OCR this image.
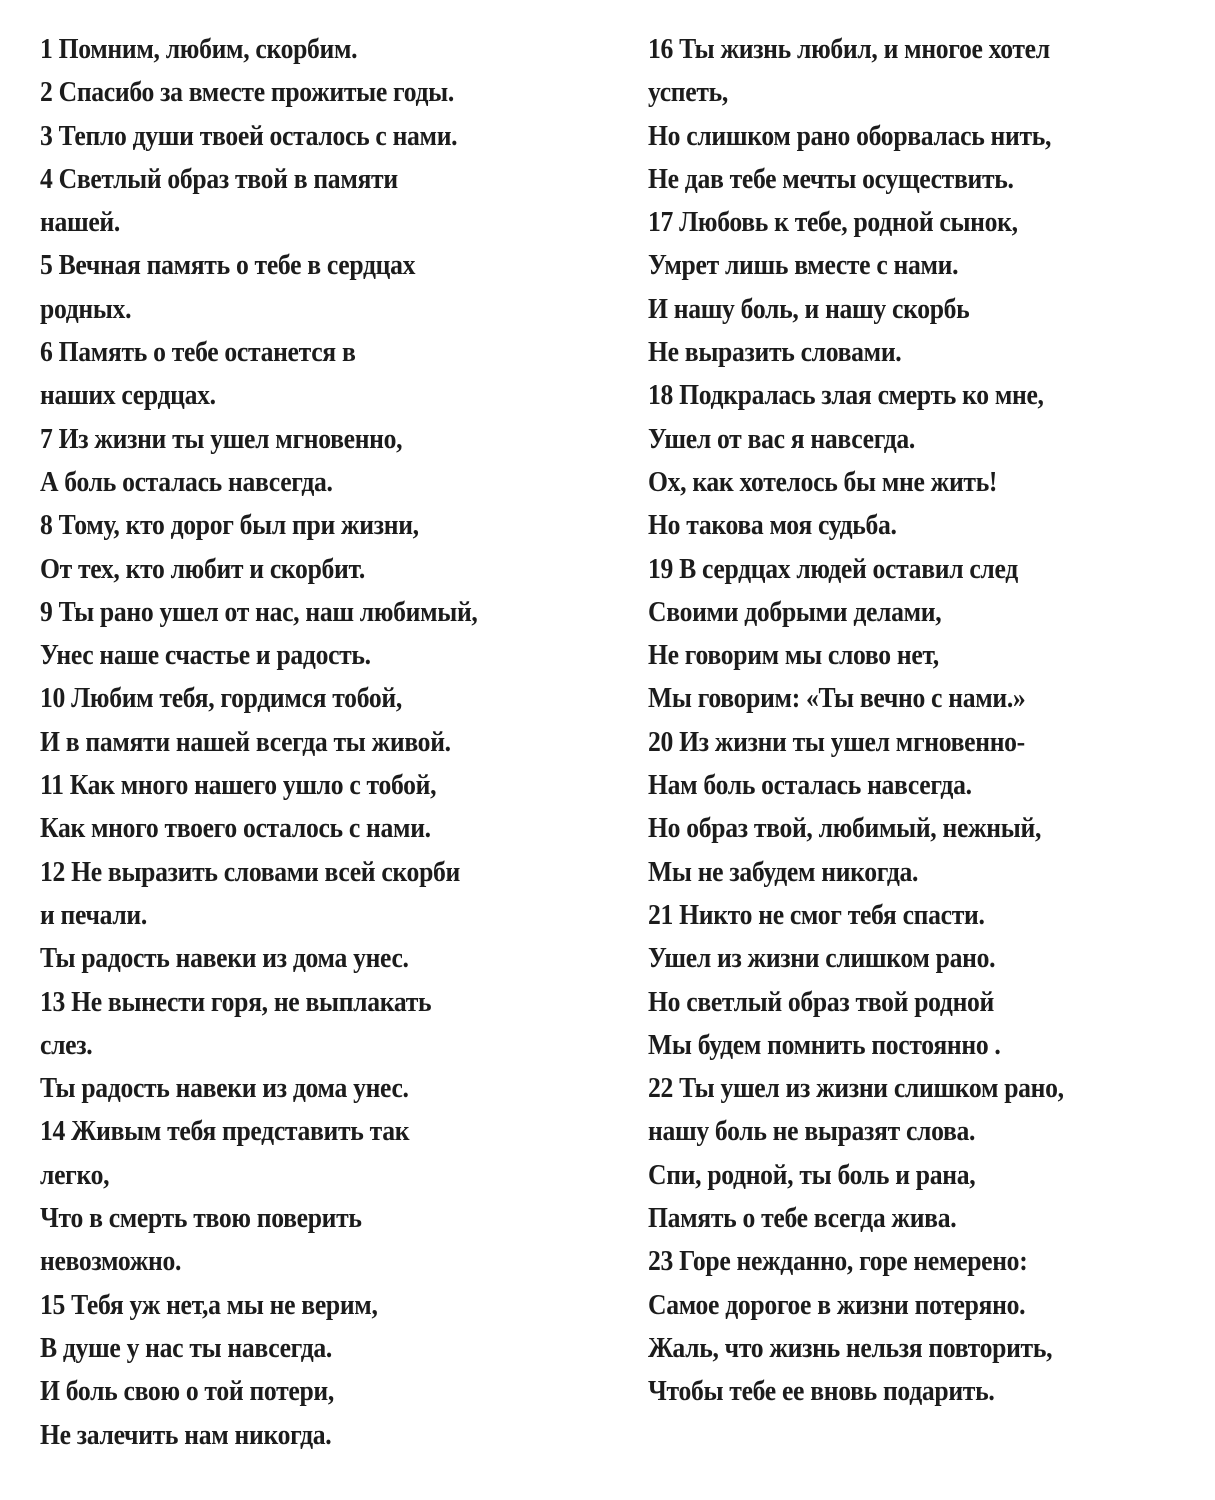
1 Помним, любим, скорбим.
2 Спасибо за вместе прожитые годы.
3 Тепло души твоей осталось с нами.
4 Светлый образ твой в памяти
нашей.
5 Вечная память о тебе в сердцах
родных.
6 Память о тебе останется в
наших сердцах.
7 Из жизни ты ушел мгновенно,
А боль осталась навсегда.
8 Тому, кто дорог был при жизни,
От тех, кто любит и скорбит.
9 Ты рано ушел от нас, наш любимый,
Унес наше счастье и радость.
10 Любим тебя, гордимся тобой,
И в памяти нашей всегда ты живой.
11 Как много нашего ушло с тобой,
Как много твоего осталось с нами.
12 Не выразить словами всей скорби
и печали.
Ты радость навеки из дома унес.
13 Не вынести горя, не выплакать
слез.
Ты радость навеки из дома унес.
14 Живым тебя представить так
легко,
Что в смерть твою поверить
невозможно.
15 Тебя уж нет,а мы не верим,
В душе у нас ты навсегда.
И боль свою о той потери,
Не залечить нам никогда.
16 Ты жизнь любил, и многое хотел
успеть,
Но слишком рано оборвалась нить,
Не дав тебе мечты осуществить.
17 Любовь к тебе, родной сынок,
Умрет лишь вместе с нами.
И нашу боль, и нашу скорбь
Не выразить словами.
18 Подкралась злая смерть ко мне,
Ушел от вас я навсегда.
Ох, как хотелось бы мне жить!
Но такова моя судьба.
19 В сердцах людей оставил след
Своими добрыми делами,
Не говорим мы слово нет,
Мы говорим: «Ты вечно с нами.»
20 Из жизни ты ушел мгновенно-
Нам боль осталась навсегда.
Но образ твой, любимый, нежный,
Мы не забудем никогда.
21 Никто не смог тебя спасти.
Ушел из жизни слишком рано.
Но светлый образ твой родной
Мы будем помнить постоянно .
22 Ты ушел из жизни слишком рано,
нашу боль не выразят слова.
Спи, родной, ты боль и рана,
Память о тебе всегда жива.
23 Горе нежданно, горе немерено:
Самое дорогое в жизни потеряно.
Жаль, что жизнь нельзя повторить,
Чтобы тебе ее вновь подарить.
